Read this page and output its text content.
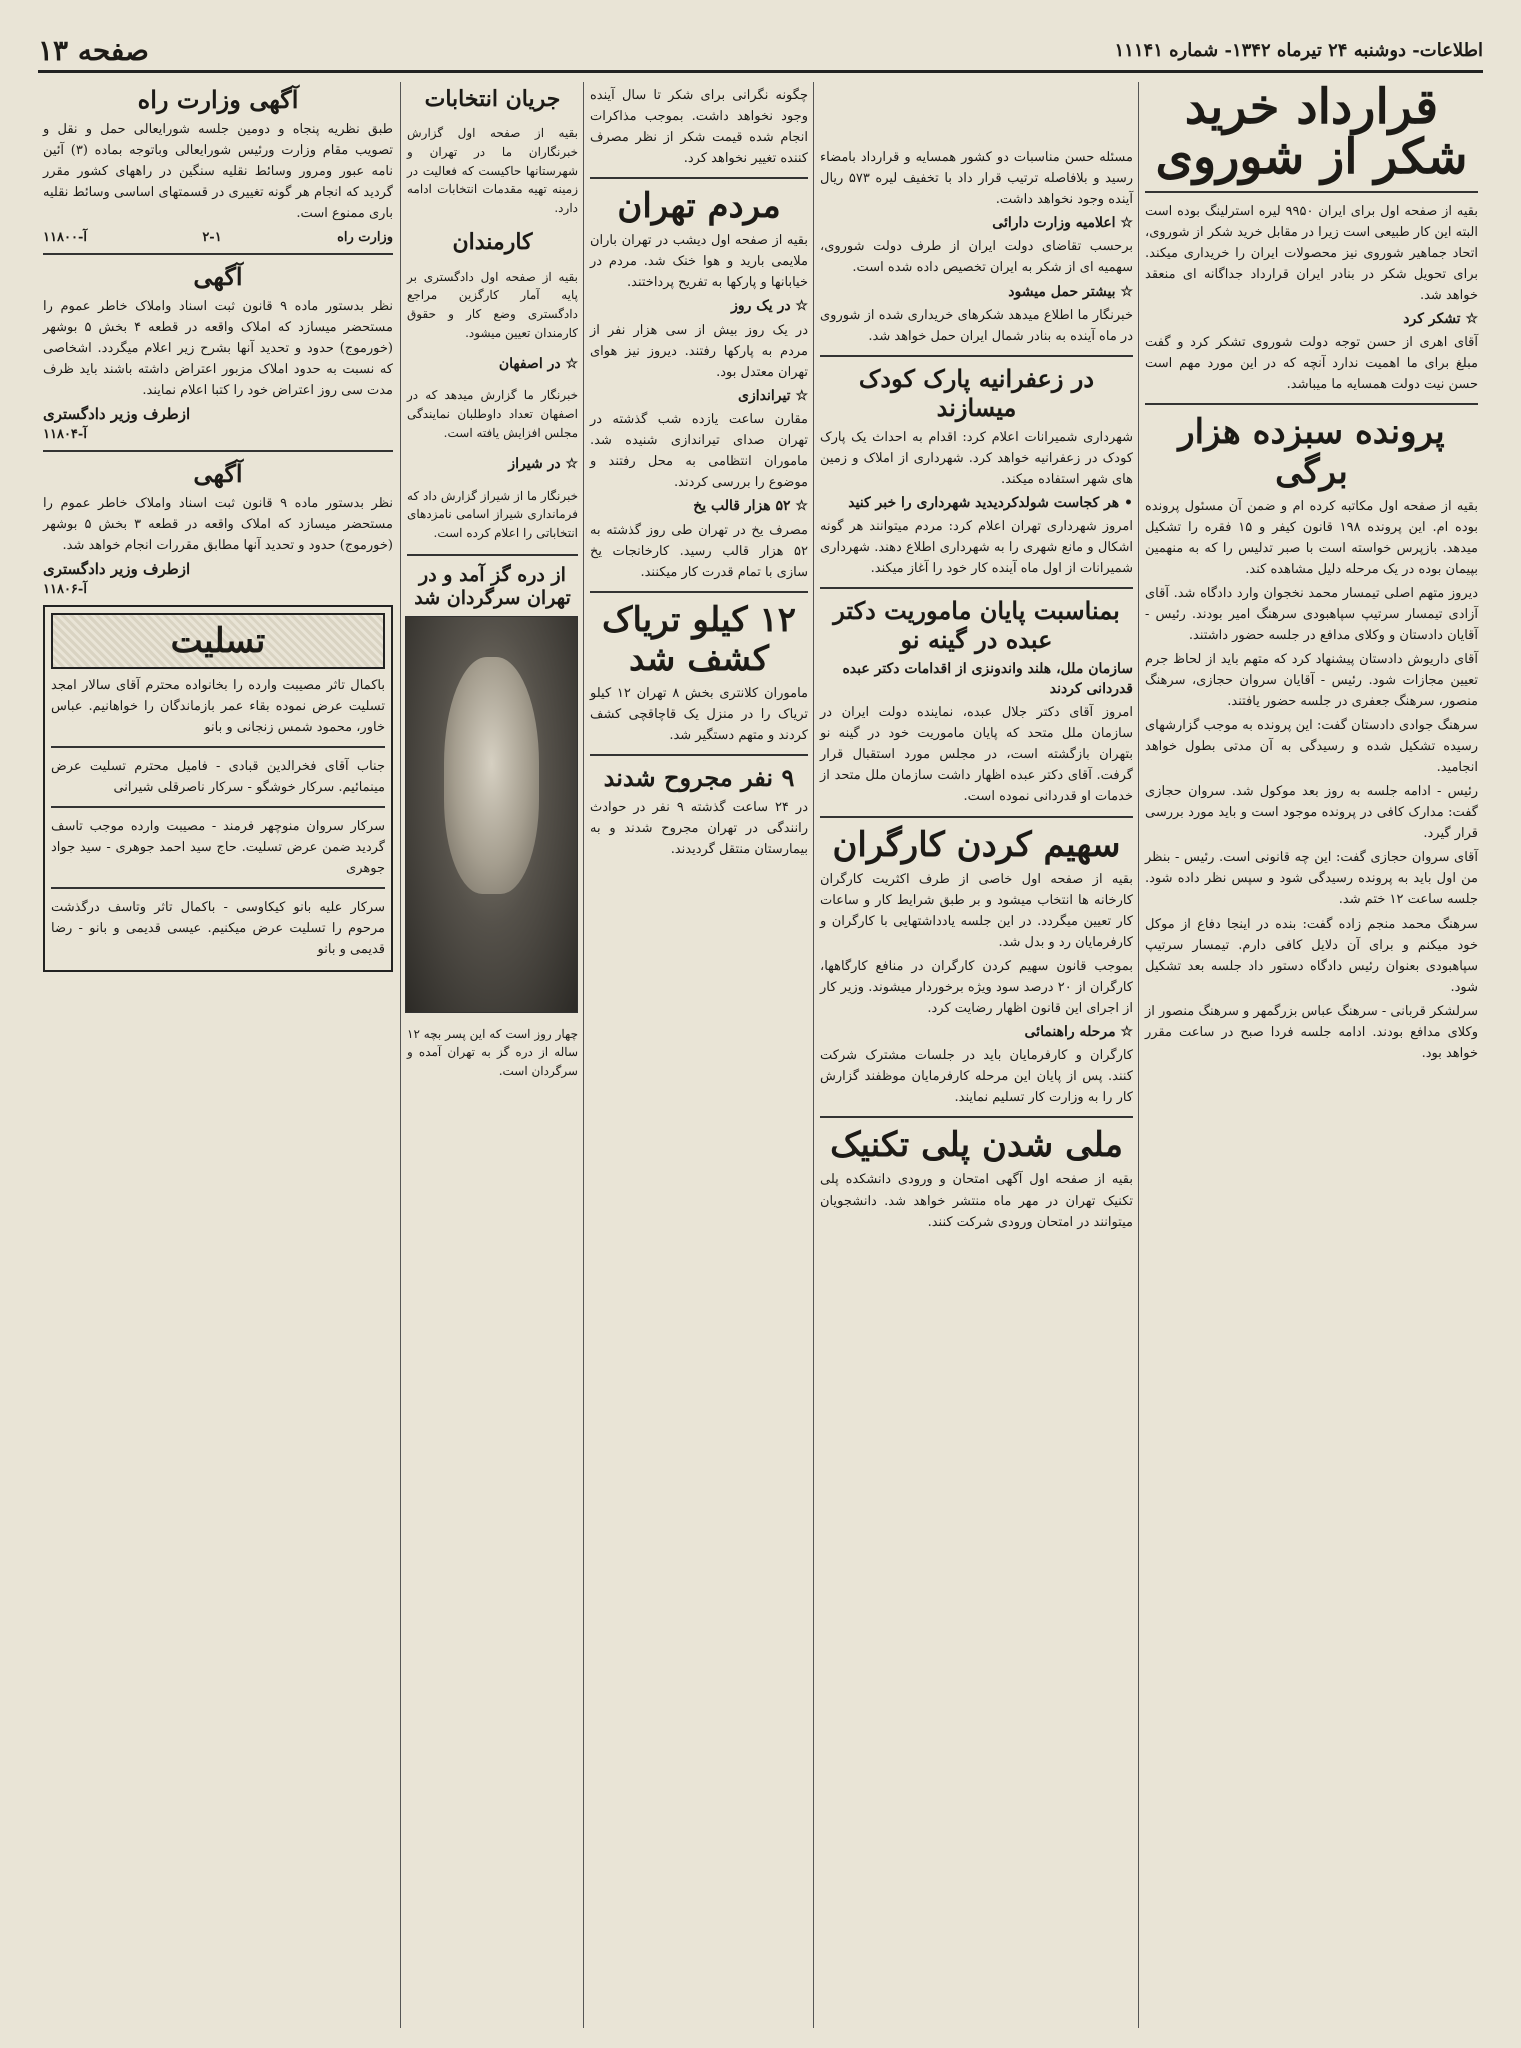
اطلاعات- دوشنبه ۲۴ تیرماه ۱۳۴۲- شماره ۱۱۱۴۱
صفحه ۱۳
قرارداد خرید شکر از شوروی

بقیه از صفحه اول برای ایران ۹۹۵۰ لیره استرلینگ بوده است البته این کار طبیعی است زیرا در مقابل خرید شکر از شوروی، اتحاد جماهیر شوروی نیز محصولات ایران را خریداری میکند. برای تحویل شکر در بنادر ایران قرارداد جداگانه ای منعقد خواهد شد.

☆ تشکر کرد

آقای اهری از حسن توجه دولت شوروی تشکر کرد و گفت مبلغ برای ما اهمیت ندارد آنچه که در این مورد مهم است حسن نیت دولت همسایه ما میباشد.

پرونده سبزده هزار برگی

بقیه از صفحه اول مکاتبه کرده ام و ضمن آن مسئول پرونده بوده ام. این پرونده ۱۹۸ قانون کیفر و ۱۵ فقره را تشکیل میدهد. بازپرس خواسته است با صبر تدلیس را که به منهمین بپیمان بوده در یک مرحله دلیل مشاهده کند.

دیروز متهم اصلی تیمسار محمد نخجوان وارد دادگاه شد. آقای آزادی تیمسار سرتیپ سپاهبودی سرهنگ امیر بودند. رئیس - آقایان دادستان و وکلای مدافع در جلسه حضور داشتند.

آقای داریوش دادستان پیشنهاد کرد که متهم باید از لحاظ جرم تعیین مجازات شود. رئیس - آقایان سروان حجازی، سرهنگ منصور، سرهنگ جعفری در جلسه حضور یافتند.

سرهنگ جوادی دادستان گفت: این پرونده به موجب گزارشهای رسیده تشکیل شده و رسیدگی به آن مدتی بطول خواهد انجامید.

رئیس - ادامه جلسه به روز بعد موکول شد. سروان حجازی گفت: مدارک کافی در پرونده موجود است و باید مورد بررسی قرار گیرد.

آقای سروان حجازی گفت: این چه قانونی است. رئیس - بنظر من اول باید به پرونده رسیدگی شود و سپس نظر داده شود. جلسه ساعت ۱۲ ختم شد.

سرهنگ محمد منجم زاده گفت: بنده در اینجا دفاع از موکل خود میکنم و برای آن دلایل کافی دارم. تیمسار سرتیپ سپاهبودی بعنوان رئیس دادگاه دستور داد جلسه بعد تشکیل شود.

سرلشکر قربانی - سرهنگ عباس بزرگمهر و سرهنگ منصور از وکلای مدافع بودند. ادامه جلسه فردا صبح در ساعت مقرر خواهد بود.

مسئله حسن مناسبات دو کشور همسایه و قرارداد بامضاء رسید و بلافاصله ترتیب قرار داد با تخفیف لیره ۵۷۳ ریال آینده وجود نخواهد داشت.

☆ اعلامیه وزارت دارائی

برحسب تقاضای دولت ایران از طرف دولت شوروی، سهمیه ای از شکر به ایران تخصیص داده شده است.

☆ بیشتر حمل میشود

خبرنگار ما اطلاع میدهد شکرهای خریداری شده از شوروی در ماه آینده به بنادر شمال ایران حمل خواهد شد.

در زعفرانیه پارک کودک میسازند

شهرداری شمیرانات اعلام کرد: اقدام به احداث یک پارک کودک در زعفرانیه خواهد کرد. شهرداری از املاک و زمین های شهر استفاده میکند.

• هر کجاست شولدکردیدید شهرداری را خبر کنید

امروز شهرداری تهران اعلام کرد: مردم میتوانند هر گونه اشکال و مانع شهری را به شهرداری اطلاع دهند. شهرداری شمیرانات از اول ماه آینده کار خود را آغاز میکند.

بمناسبت پایان ماموریت دکتر عبده در گینه نو

سازمان ملل، هلند واندونزی از اقدامات دکتر عبده قدردانی کردند

امروز آقای دکتر جلال عبده، نماینده دولت ایران در سازمان ملل متحد که پایان ماموریت خود در گینه نو بتهران بازگشته است، در مجلس مورد استقبال قرار گرفت. آقای دکتر عبده اظهار داشت سازمان ملل متحد از خدمات او قدردانی نموده است.

سهیم کردن کارگران

بقیه از صفحه اول خاصی از طرف اکثریت کارگران کارخانه ها انتخاب میشود و بر طبق شرایط کار و ساعات کار تعیین میگردد. در این جلسه یادداشتهایی با کارگران و کارفرمایان رد و بدل شد.

بموجب قانون سهیم کردن کارگران در منافع کارگاهها، کارگران از ۲۰ درصد سود ویژه برخوردار میشوند. وزیر کار از اجرای این قانون اظهار رضایت کرد.

☆ مرحله راهنمائی

کارگران و کارفرمایان باید در جلسات مشترک شرکت کنند. پس از پایان این مرحله کارفرمایان موظفند گزارش کار را به وزارت کار تسلیم نمایند.

ملی شدن پلی تکنیک

بقیه از صفحه اول آگهی امتحان و ورودی دانشکده پلی تکنیک تهران در مهر ماه منتشر خواهد شد. دانشجویان میتوانند در امتحان ورودی شرکت کنند.

چگونه نگرانی برای شکر تا سال آینده وجود نخواهد داشت. بموجب مذاکرات انجام شده قیمت شکر از نظر مصرف کننده تغییر نخواهد کرد.

مردم تهران

بقیه از صفحه اول دیشب در تهران باران ملایمی بارید و هوا خنک شد. مردم در خیابانها و پارکها به تفریح پرداختند.

☆ در یک روز

در یک روز بیش از سی هزار نفر از مردم به پارکها رفتند. دیروز نیز هوای تهران معتدل بود.

☆ تیراندازی

مقارن ساعت یازده شب گذشته در تهران صدای تیراندازی شنیده شد. ماموران انتظامی به محل رفتند و موضوع را بررسی کردند.

☆ ۵۲ هزار قالب یخ

مصرف یخ در تهران طی روز گذشته به ۵۲ هزار قالب رسید. کارخانجات یخ سازی با تمام قدرت کار میکنند.

۱۲ کیلو تریاک کشف شد

ماموران کلانتری بخش ۸ تهران ۱۲ کیلو تریاک را در منزل یک قاچاقچی کشف کردند و متهم دستگیر شد.

۹ نفر مجروح شدند

در ۲۴ ساعت گذشته ۹ نفر در حوادث رانندگی در تهران مجروح شدند و به بیمارستان منتقل گردیدند.

جریان انتخابات

بقیه از صفحه اول گزارش خبرنگاران ما در تهران و شهرستانها حاکیست که فعالیت در زمینه تهیه مقدمات انتخابات ادامه دارد.

کارمندان

بقیه از صفحه اول دادگستری بر پایه آمار کارگزین مراجع دادگستری وضع کار و حقوق کارمندان تعیین میشود.

☆ در اصفهان

خبرنگار ما گزارش میدهد که در اصفهان تعداد داوطلبان نمایندگی مجلس افزایش یافته است.

☆ در شیراز

خبرنگار ما از شیراز گزارش داد که فرمانداری شیراز اسامی نامزدهای انتخاباتی را اعلام کرده است.

از دره گز آمد و در تهران سرگردان شد

چهار روز است که این پسر بچه ۱۲ ساله از دره گز به تهران آمده و سرگردان است.

آگهی وزارت راه

طبق نظریه پنجاه و دومین جلسه شورایعالی حمل و نقل و تصویب مقام وزارت ورئیس شورایعالی وباتوجه بماده (۳) آئین نامه عبور ومرور وسائط نقلیه سنگین در راههای کشور مقرر گردید که انجام هر گونه تغییری در قسمتهای اساسی وسائط نقلیه باری ممنوع است.

وزارت راه
۲-۱
آ-۱۱۸۰۰
آگهی

نظر بدستور ماده ۹ قانون ثبت اسناد واملاک خاطر عموم را مستحضر میسازد که املاک واقعه در قطعه ۴ بخش ۵ بوشهر (خورموج) حدود و تحدید آنها بشرح زیر اعلام میگردد. اشخاصی که نسبت به حدود املاک مزبور اعتراض داشته باشند باید ظرف مدت سی روز اعتراض خود را کتبا اعلام نمایند.

ازطرف وزیر دادگستری
آ-۱۱۸۰۴
آگهی

نظر بدستور ماده ۹ قانون ثبت اسناد واملاک خاطر عموم را مستحضر میسازد که املاک واقعه در قطعه ۳ بخش ۵ بوشهر (خورموج) حدود و تحدید آنها مطابق مقررات انجام خواهد شد.

ازطرف وزیر دادگستری
آ-۱۱۸۰۶
تسلیت

باکمال تاثر مصیبت وارده را بخانواده محترم آقای سالار امجد تسلیت عرض نموده بقاء عمر بازماندگان را خواهانیم. عباس خاور، محمود شمس زنجانی و بانو

جناب آقای فخرالدین قبادی - فامیل محترم تسلیت عرض مینمائیم. سرکار خوشگو - سرکار ناصرقلی شیرانی

سرکار سروان منوچهر فرمند - مصیبت وارده موجب تاسف گردید ضمن عرض تسلیت. حاج سید احمد جوهری - سید جواد جوهری

سرکار علیه بانو کیکاوسی - باکمال تاثر وتاسف درگذشت مرحوم را تسلیت عرض میکنیم. عیسی قدیمی و بانو - رضا قدیمی و بانو
